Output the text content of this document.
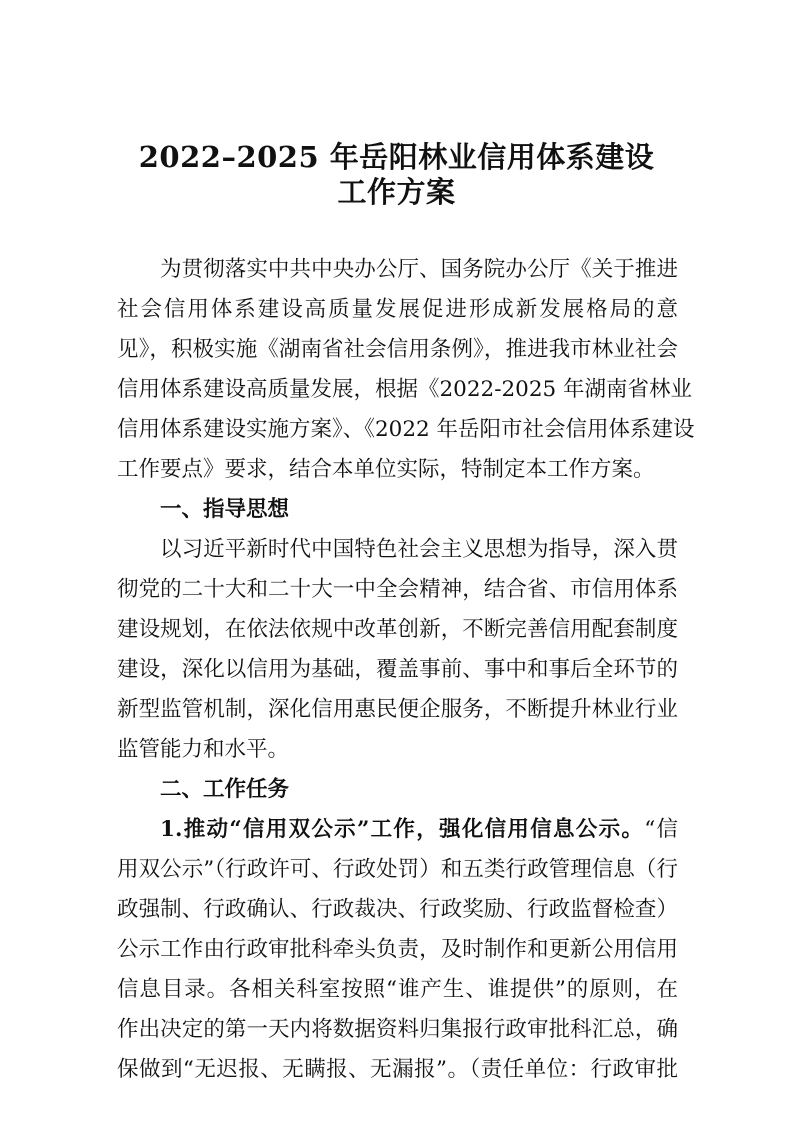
2022–2025 年岳阳林业信用体系建设
工作方案
为贯彻落实中共中央办公厅、国务院办公厅《关于推进
社会信用体系建设高质量发展促进形成新发展格局的意
见》，积极实施《湖南省社会信用条例》，推进我市林业社会
信用体系建设高质量发展，根据《2022-2025 年湖南省林业
信用体系建设实施方案》、《2022 年岳阳市社会信用体系建设
工作要点》要求，结合本单位实际，特制定本工作方案。
一、指导思想
以习近平新时代中国特色社会主义思想为指导，深入贯
彻党的二十大和二十大一中全会精神，结合省、市信用体系
建设规划，在依法依规中改革创新，不断完善信用配套制度
建设，深化以信用为基础，覆盖事前、事中和事后全环节的
新型监管机制，深化信用惠民便企服务，不断提升林业行业
监管能力和水平。
二、工作任务
1.推动“信用双公示”工作，强化信用信息公示。“信
用双公示”（行政许可、行政处罚）和五类行政管理信息（行
政强制、行政确认、行政裁决、行政奖励、行政监督检查）
公示工作由行政审批科牵头负责，及时制作和更新公用信用
信息目录。各相关科室按照“谁产生、谁提供”的原则，在
作出决定的第一天内将数据资料归集报行政审批科汇总，确
保做到“无迟报、无瞒报、无漏报”。（责任单位：行政审批
